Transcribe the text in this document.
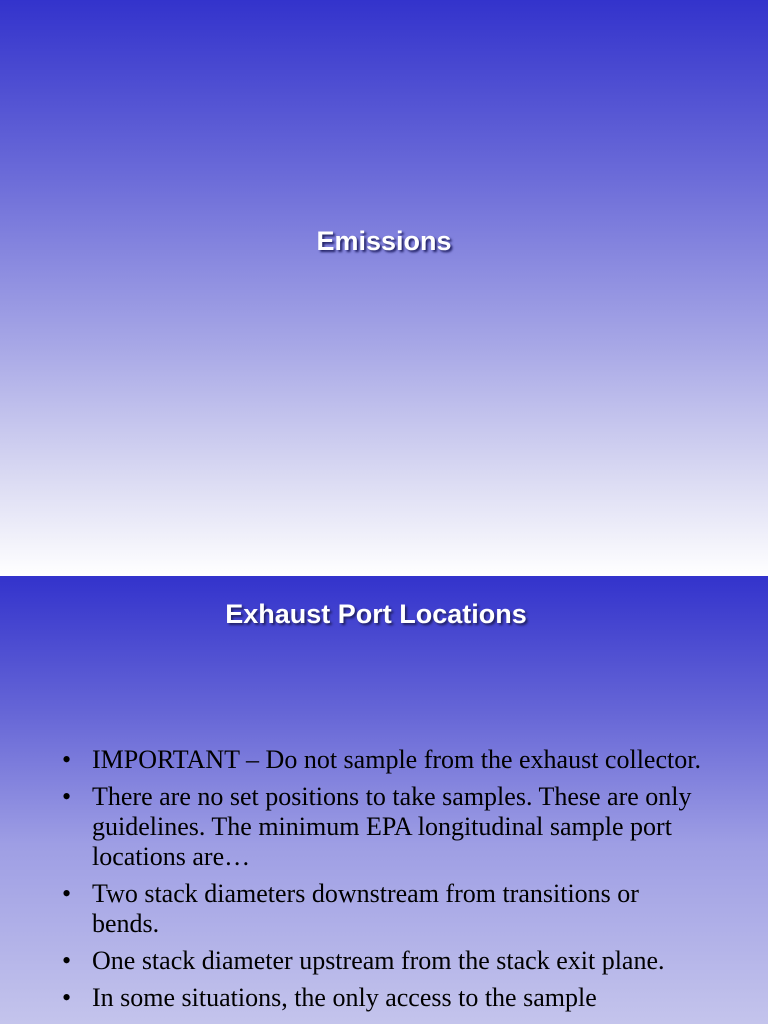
Emissions
Exhaust Port Locations
• IMPORTANT – Do not sample from the exhaust collector.
• There are no set positions to take samples. These are only guidelines. The minimum EPA longitudinal sample port locations are…
• Two stack diameters downstream from transitions or bends.
• One stack diameter upstream from the stack exit plane.
• In some situations, the only access to the sample
